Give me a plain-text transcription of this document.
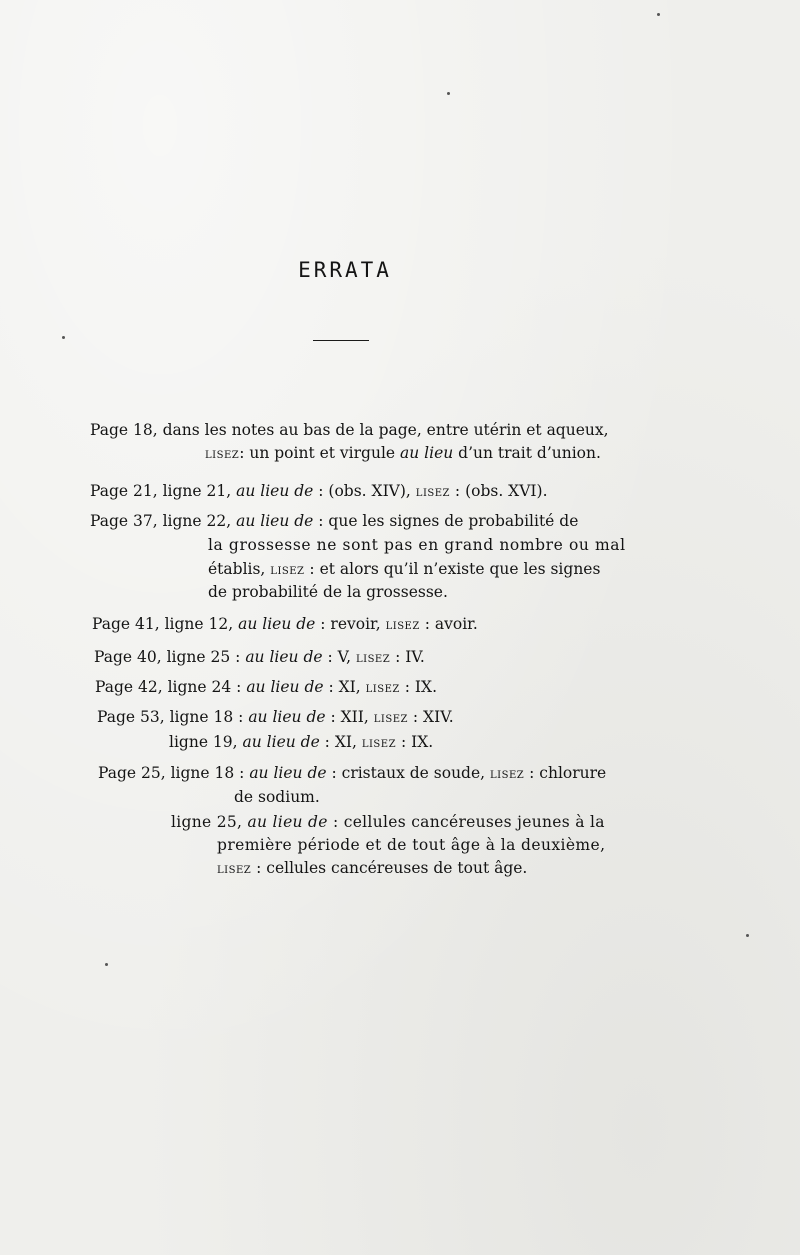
ERRATA
Page 18, dans les notes au bas de la page, entre utérin et aqueux,
lisez: un point et virgule au lieu d’un trait d’union.
Page 21, ligne 21, au lieu de : (obs. XIV), lisez : (obs. XVI).
Page 37, ligne 22, au lieu de : que les signes de probabilité de
la grossesse ne sont pas en grand nombre ou mal
établis, lisez : et alors qu’il n’existe que les signes
de probabilité de la grossesse.
Page 41, ligne 12, au lieu de : revoir, lisez : avoir.
Page 40, ligne 25 : au lieu de : V, lisez : IV.
Page 42, ligne 24 : au lieu de : XI, lisez : IX.
Page 53, ligne 18 : au lieu de : XII, lisez : XIV.
ligne 19, au lieu de : XI, lisez : IX.
Page 25, ligne 18 : au lieu de : cristaux de soude, lisez : chlorure
de sodium.
ligne 25, au lieu de : cellules cancéreuses jeunes à la
première période et de tout âge à la deuxième,
lisez : cellules cancéreuses de tout âge.
